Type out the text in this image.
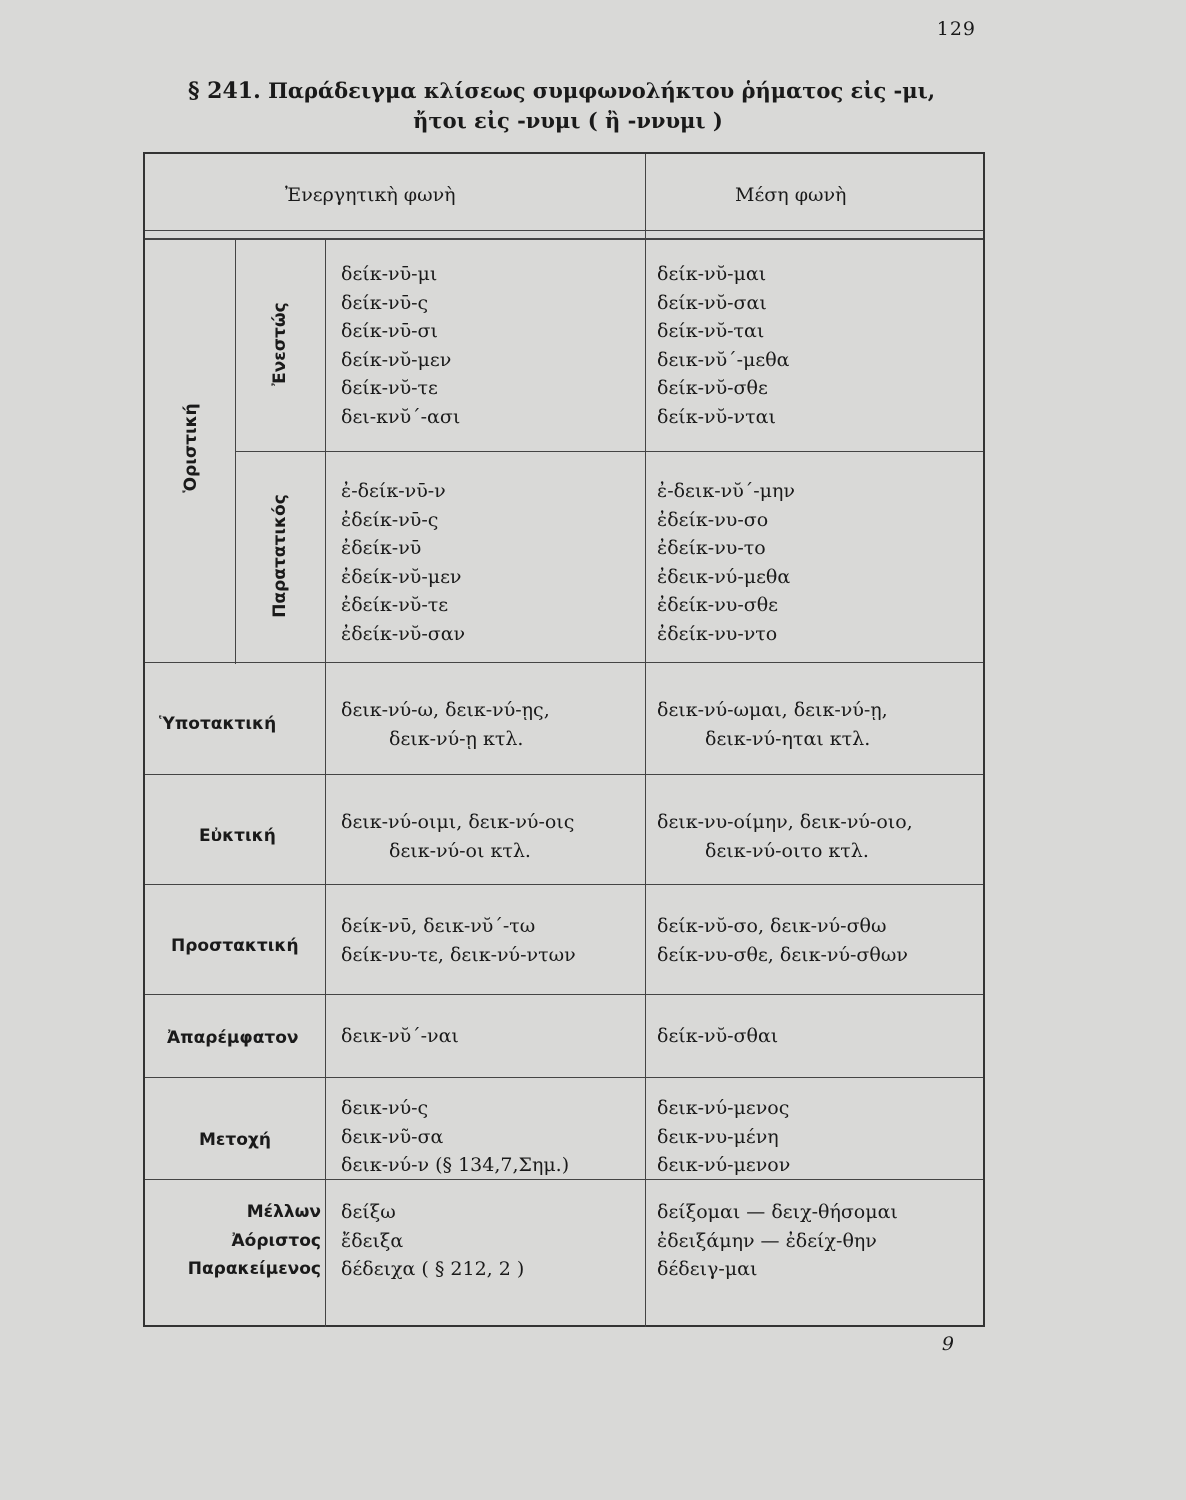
129
§ 241. Παράδειγμα κλίσεως συμφωνολήκτου ῥήματος εἰς -μι,
ἤτοι εἰς -νυμι ( ἢ -ννυμι )
Ἐνεργητικὴ φωνὴ	Μέση φωνὴ
Ὁριστική
Ἐνεστώς
Παρατατικός
δείκ-νῡ-μι
δείκ-νῡ-ς
δείκ-νῡ-σι
δείκ-νῠ-μεν
δείκ-νῠ-τε
δει-κνῠ΄-ασι
δείκ-νῠ-μαι
δείκ-νῠ-σαι
δείκ-νῠ-ται
δεικ-νῠ΄-μεθα
δείκ-νῠ-σθε
δείκ-νῠ-νται
ἐ-δείκ-νῡ-ν
ἐδείκ-νῡ-ς
ἐδείκ-νῡ
ἐδείκ-νῠ-μεν
ἐδείκ-νῠ-τε
ἐδείκ-νῠ-σαν
ἐ-δεικ-νῠ΄-μην
ἐδείκ-νυ-σο
ἐδείκ-νυ-το
ἐδεικ-νύ-μεθα
ἐδείκ-νυ-σθε
ἐδείκ-νυ-ντο
Ὑποτακτική
δεικ-νύ-ω, δεικ-νύ-ῃς,
δεικ-νύ-ῃ κτλ.
δεικ-νύ-ωμαι, δεικ-νύ-ῃ,
δεικ-νύ-ηται κτλ.
Εὐκτική
δεικ-νύ-οιμι, δεικ-νύ-οις
δεικ-νύ-οι κτλ.
δεικ-νυ-οίμην, δεικ-νύ-οιο,
δεικ-νύ-οιτο κτλ.
Προστακτική
δείκ-νῡ, δεικ-νῠ΄-τω
δείκ-νυ-τε, δεικ-νύ-ντων
δείκ-νῠ-σο, δεικ-νύ-σθω
δείκ-νυ-σθε, δεικ-νύ-σθων
Ἀπαρέμφατον δεικ-νῠ΄-ναι	δείκ-νῠ-σθαι
Μετοχή
δεικ-νύ-ς
δεικ-νῦ-σα
δεικ-νύ-ν (§ 134,7,Σημ.)
δεικ-νύ-μενος
δεικ-νυ-μένη
δεικ-νύ-μενον
Μέλλων
Ἀόριστος
Παρακείμενος
δείξω
ἔδειξα
δέδειχα ( § 212, 2 )
δείξομαι — δειχ-θήσομαι
ἐδειξάμην — ἐδείχ-θην
δέδειγ-μαι
9
